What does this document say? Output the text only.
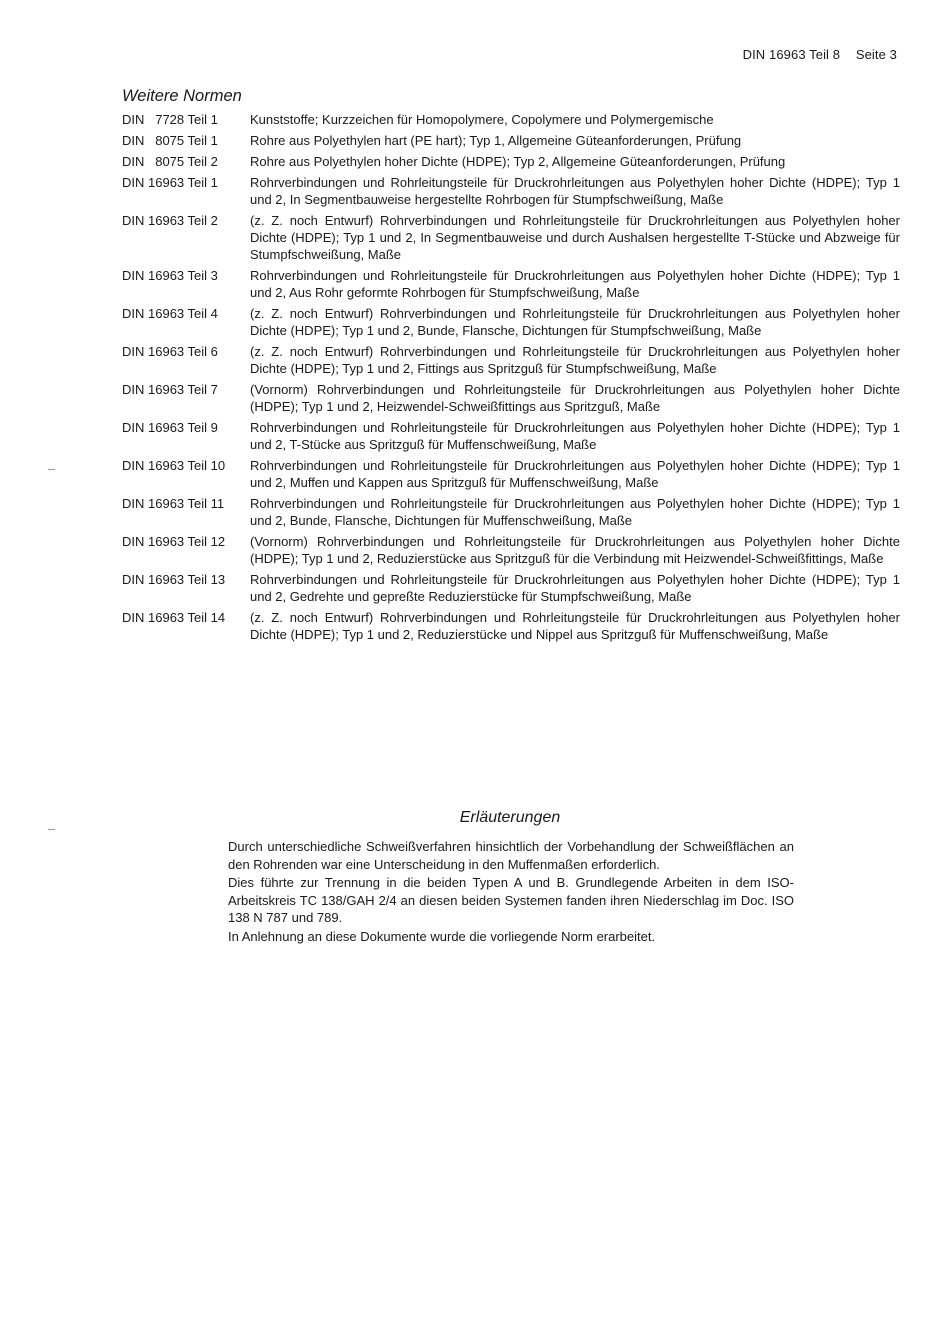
DIN 16963 Teil 8 Seite 3
Weitere Normen
DIN   7728 Teil 1	Kunststoffe; Kurzzeichen für Homopolymere, Copolymere und Polymergemische
DIN   8075 Teil 1	Rohre aus Polyethylen hart (PE hart); Typ 1, Allgemeine Güteanforderungen, Prüfung
DIN   8075 Teil 2	Rohre aus Polyethylen hoher Dichte (HDPE); Typ 2, Allgemeine Güteanforderungen, Prüfung
DIN 16963 Teil 1	Rohrverbindungen und Rohrleitungsteile für Druckrohrleitungen aus Polyethylen hoher Dichte (HDPE); Typ 1 und 2, In Segmentbauweise hergestellte Rohrbogen für Stumpfschweißung, Maße
DIN 16963 Teil 2	(z. Z. noch Entwurf) Rohrverbindungen und Rohrleitungsteile für Druckrohrleitungen aus Polyethylen hoher Dichte (HDPE); Typ 1 und 2, In Segmentbauweise und durch Aushalsen hergestellte T-Stücke und Abzweige für Stumpfschweißung, Maße
DIN 16963 Teil 3	Rohrverbindungen und Rohrleitungsteile für Druckrohrleitungen aus Polyethylen hoher Dichte (HDPE); Typ 1 und 2, Aus Rohr geformte Rohrbogen für Stumpfschweißung, Maße
DIN 16963 Teil 4	(z. Z. noch Entwurf) Rohrverbindungen und Rohrleitungsteile für Druckrohrleitungen aus Polyethylen hoher Dichte (HDPE); Typ 1 und 2, Bunde, Flansche, Dichtungen für Stumpfschweißung, Maße
DIN 16963 Teil 6	(z. Z. noch Entwurf) Rohrverbindungen und Rohrleitungsteile für Druckrohrleitungen aus Polyethylen hoher Dichte (HDPE); Typ 1 und 2, Fittings aus Spritzguß für Stumpfschweißung, Maße
DIN 16963 Teil 7	(Vornorm) Rohrverbindungen und Rohrleitungsteile für Druckrohrleitungen aus Polyethylen hoher Dichte (HDPE); Typ 1 und 2, Heizwendel-Schweißfittings aus Spritzguß, Maße
DIN 16963 Teil 9	Rohrverbindungen und Rohrleitungsteile für Druckrohrleitungen aus Polyethylen hoher Dichte (HDPE); Typ 1 und 2, T-Stücke aus Spritzguß für Muffenschweißung, Maße
DIN 16963 Teil 10	Rohrverbindungen und Rohrleitungsteile für Druckrohrleitungen aus Polyethylen hoher Dichte (HDPE); Typ 1 und 2, Muffen und Kappen aus Spritzguß für Muffenschweißung, Maße
DIN 16963 Teil 11	Rohrverbindungen und Rohrleitungsteile für Druckrohrleitungen aus Polyethylen hoher Dichte (HDPE); Typ 1 und 2, Bunde, Flansche, Dichtungen für Muffenschweißung, Maße
DIN 16963 Teil 12	(Vornorm) Rohrverbindungen und Rohrleitungsteile für Druckrohrleitungen aus Polyethylen hoher Dichte (HDPE); Typ 1 und 2, Reduzierstücke aus Spritzguß für die Verbindung mit Heizwendel-Schweißfittings, Maße
DIN 16963 Teil 13	Rohrverbindungen und Rohrleitungsteile für Druckrohrleitungen aus Polyethylen hoher Dichte (HDPE); Typ 1 und 2, Gedrehte und gepreßte Reduzierstücke für Stumpfschweißung, Maße
DIN 16963 Teil 14	(z. Z. noch Entwurf) Rohrverbindungen und Rohrleitungsteile für Druckrohrleitungen aus Polyethylen hoher Dichte (HDPE); Typ 1 und 2, Reduzierstücke und Nippel aus Spritzguß für Muffenschweißung, Maße
Erläuterungen

Durch unterschiedliche Schweißverfahren hinsichtlich der Vorbehandlung der Schweißflächen an den Rohrenden war eine Unterscheidung in den Muffenmaßen erforderlich.

Dies führte zur Trennung in die beiden Typen A und B. Grundlegende Arbeiten in dem ISO-Arbeitskreis TC 138/GAH 2/4 an diesen beiden Systemen fanden ihren Niederschlag im Doc. ISO 138 N 787 und 789.

In Anlehnung an diese Dokumente wurde die vorliegende Norm erarbeitet.
